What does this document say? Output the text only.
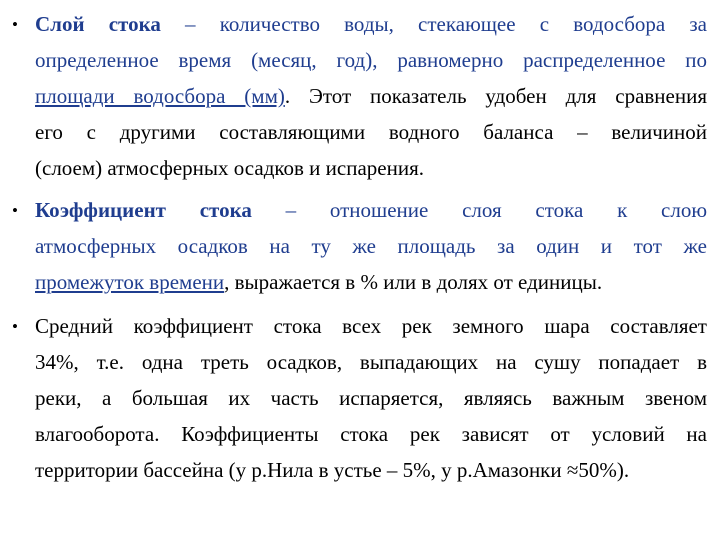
• Слой стока – количество воды, стекающее с водосбора за
определенное время (месяц, год), равномерно распределенное по
площади водосбора (мм). Этот показатель удобен для сравнения
его с другими составляющими водного баланса – величиной
(слоем) атмосферных осадков и испарения.
• Коэффициент стока – отношение слоя стока к слою
атмосферных осадков на ту же площадь за один и тот же
промежуток времени, выражается в % или в долях от единицы.
• Средний коэффициент стока всех рек земного шара составляет
34%, т.е. одна треть осадков, выпадающих на сушу попадает в
реки, а большая их часть испаряется, являясь важным звеном
влагооборота. Коэффициенты стока рек зависят от условий на
территории бассейна (у р.Нила в устье – 5%, у р.Амазонки ≈50%).
